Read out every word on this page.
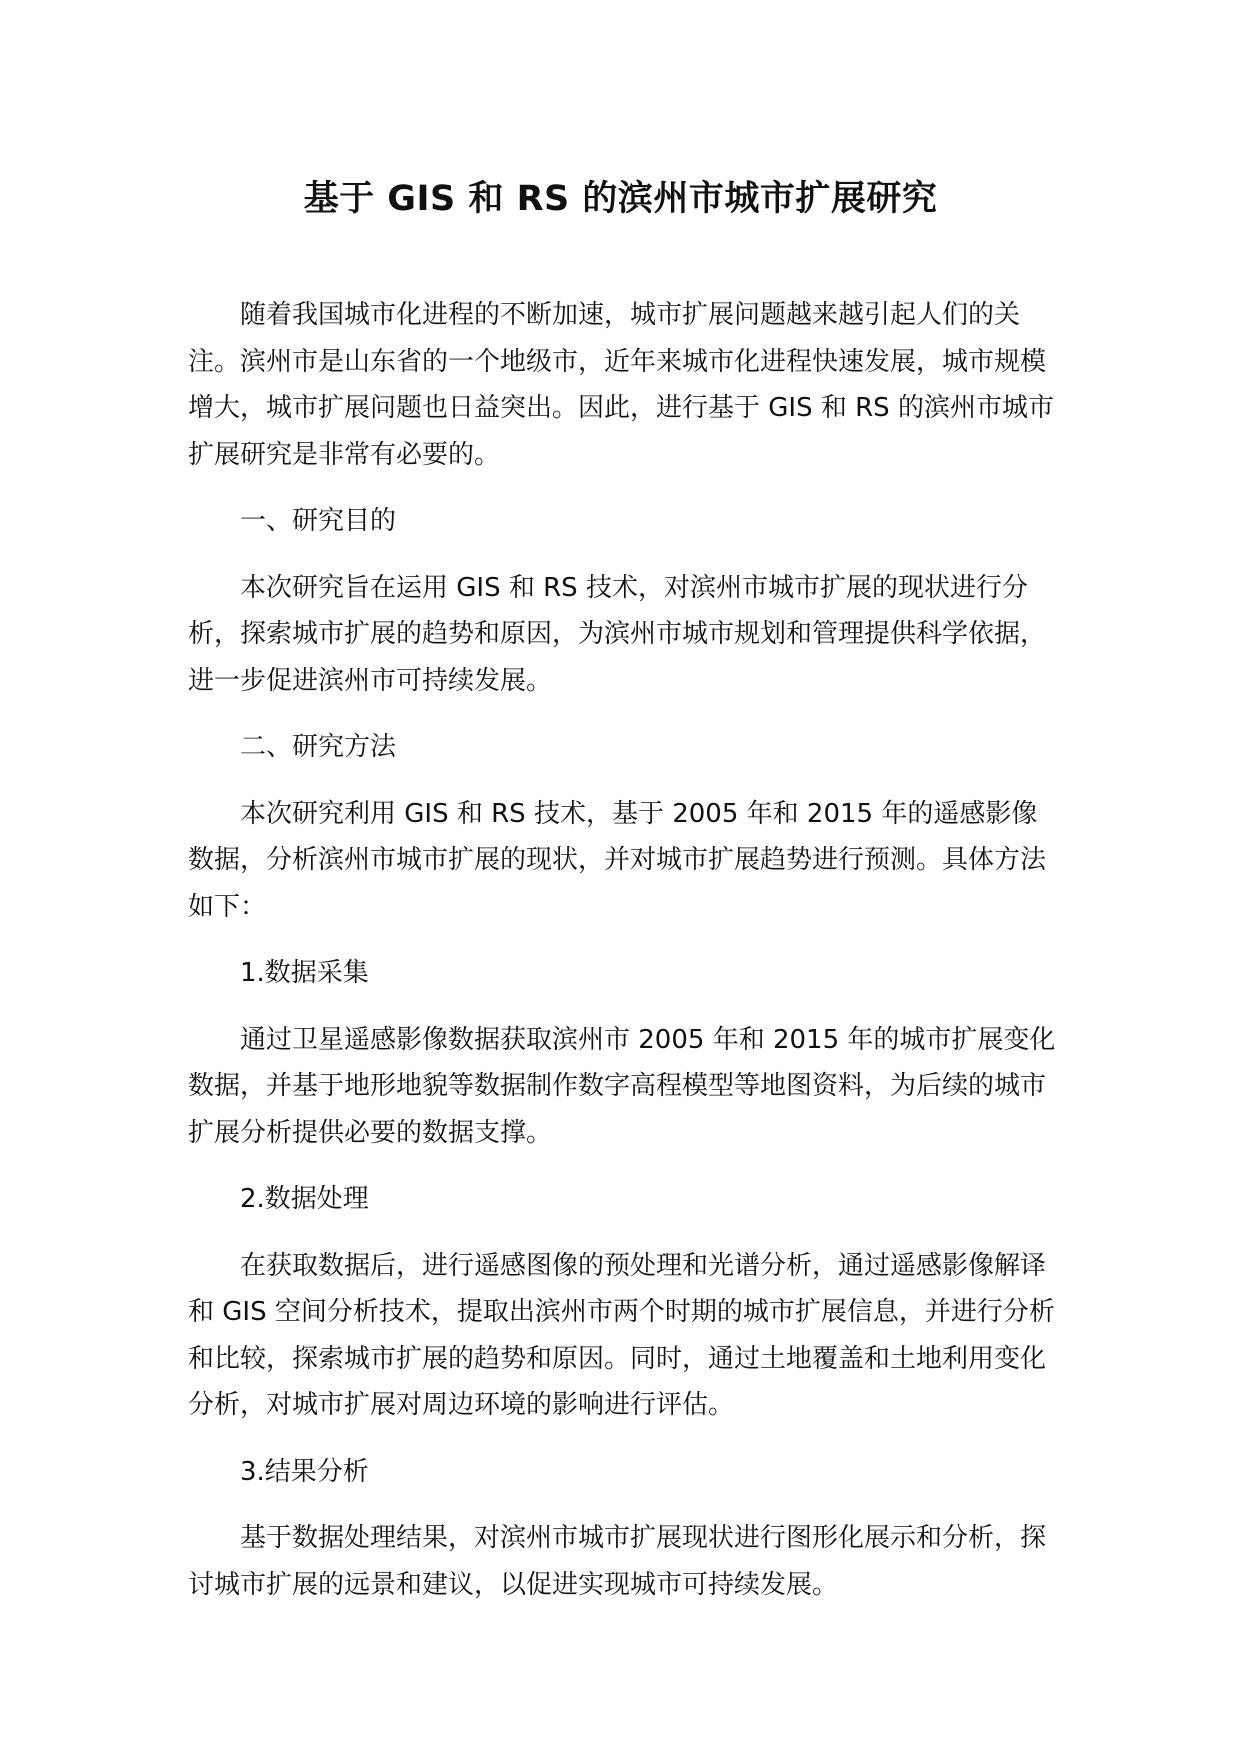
基于 GIS 和 RS 的滨州市城市扩展研究

随着我国城市化进程的不断加速，城市扩展问题越来越引起人们的关注。滨州市是山东省的一个地级市，近年来城市化进程快速发展，城市规模增大，城市扩展问题也日益突出。因此，进行基于 GIS 和 RS 的滨州市城市扩展研究是非常有必要的。

一、研究目的

本次研究旨在运用 GIS 和 RS 技术，对滨州市城市扩展的现状进行分析，探索城市扩展的趋势和原因，为滨州市城市规划和管理提供科学依据，进一步促进滨州市可持续发展。

二、研究方法

本次研究利用 GIS 和 RS 技术，基于 2005 年和 2015 年的遥感影像数据，分析滨州市城市扩展的现状，并对城市扩展趋势进行预测。具体方法如下：

1.数据采集

通过卫星遥感影像数据获取滨州市 2005 年和 2015 年的城市扩展变化数据，并基于地形地貌等数据制作数字高程模型等地图资料，为后续的城市扩展分析提供必要的数据支撑。

2.数据处理

在获取数据后，进行遥感图像的预处理和光谱分析，通过遥感影像解译和 GIS 空间分析技术，提取出滨州市两个时期的城市扩展信息，并进行分析和比较，探索城市扩展的趋势和原因。同时，通过土地覆盖和土地利用变化分析，对城市扩展对周边环境的影响进行评估。

3.结果分析

基于数据处理结果，对滨州市城市扩展现状进行图形化展示和分析，探讨城市扩展的远景和建议，以促进实现城市可持续发展。
